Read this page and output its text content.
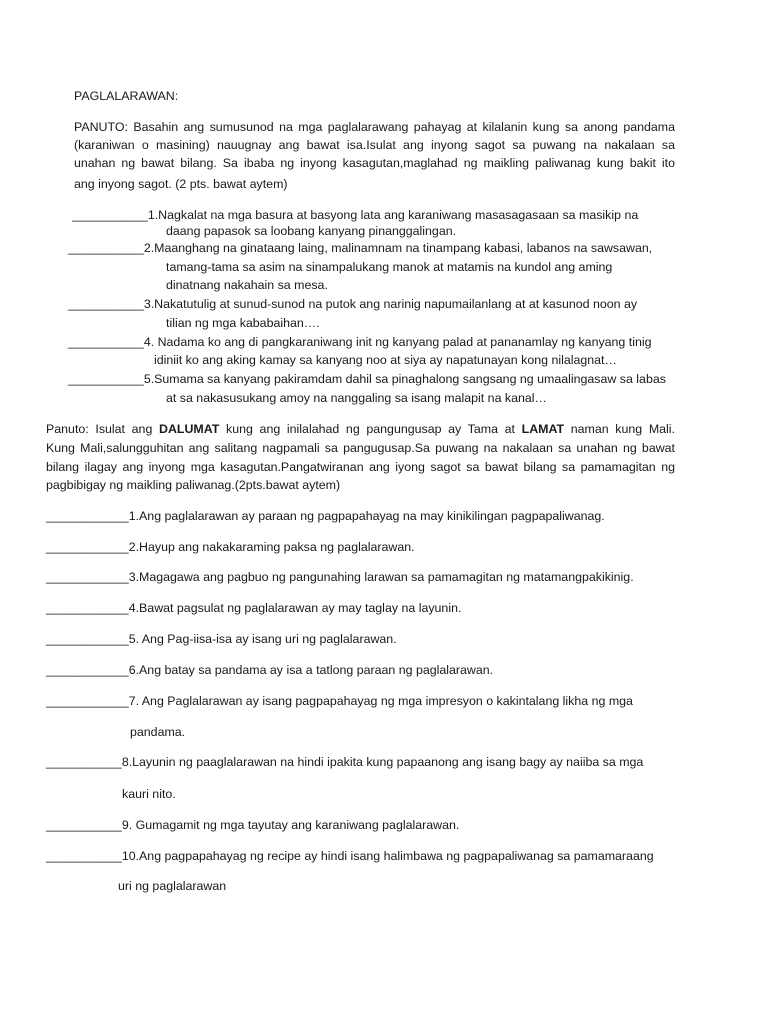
PAGLALARAWAN:
PANUTO: Basahin ang sumusunod na mga paglalarawang pahayag at kilalanin kung sa anong pandama
(karaniwan o masining) nauugnay ang bawat isa.Isulat ang inyong sagot sa puwang na nakalaan sa
unahan ng bawat bilang. Sa ibaba ng inyong kasagutan,maglahad ng maikling paliwanag kung bakit ito
ang inyong sagot. (2 pts. bawat aytem)
___________1.Nagkalat na mga basura at basyong lata ang karaniwang masasagasaan sa masikip na
daang papasok sa loobang kanyang pinanggalingan.
___________2.Maanghang na ginataang laing, malinamnam na tinampang kabasi, labanos na sawsawan,
tamang-tama sa asim na sinampalukang manok at matamis na kundol ang aming
dinatnang nakahain sa mesa.
___________3.Nakatutulig at sunud-sunod na putok ang narinig napumailanlang at at kasunod noon ay
tilian ng mga kababaihan….
___________4. Nadama ko ang di pangkaraniwang init ng kanyang palad at pananamlay ng kanyang tinig
idiniit ko ang aking kamay sa kanyang noo at siya ay napatunayan kong nilalagnat…
___________5.Sumama sa kanyang pakiramdam dahil sa pinaghalong sangsang ng umaalingasaw sa labas
at sa nakasusukang amoy na nanggaling sa isang malapit na kanal…
Panuto: Isulat ang DALUMAT kung ang inilalahad ng pangungusap ay Tama at LAMAT naman kung Mali.
Kung Mali,salungguhitan ang salitang nagpamali sa pangugusap.Sa puwang na nakalaan sa unahan ng bawat
bilang ilagay ang inyong mga kasagutan.Pangatwiranan ang iyong sagot sa bawat bilang sa pamamagitan ng
pagbibigay ng maikling paliwanag.(2pts.bawat aytem)
____________1.Ang paglalarawan ay paraan ng pagpapahayag na may kinikilingan pagpapaliwanag.
____________2.Hayup ang nakakaraming paksa ng paglalarawan.
____________3.Magagawa ang pagbuo ng pangunahing larawan sa pamamagitan ng matamangpakikinig.
____________4.Bawat pagsulat ng paglalarawan ay may taglay na layunin.
____________5. Ang Pag-iisa-isa ay isang uri ng paglalarawan.
____________6.Ang batay sa pandama ay isa a tatlong paraan ng paglalarawan.
____________7. Ang Paglalarawan ay isang pagpapahayag ng mga impresyon o kakintalang likha ng mga
pandama.
___________8.Layunin ng paaglalarawan na hindi ipakita kung papaanong ang isang bagy ay naiiba sa mga
kauri nito.
___________9. Gumagamit ng mga tayutay ang karaniwang paglalarawan.
___________10.Ang pagpapahayag ng recipe ay hindi isang halimbawa ng pagpapaliwanag sa pamamaraang
uri ng paglalarawan
